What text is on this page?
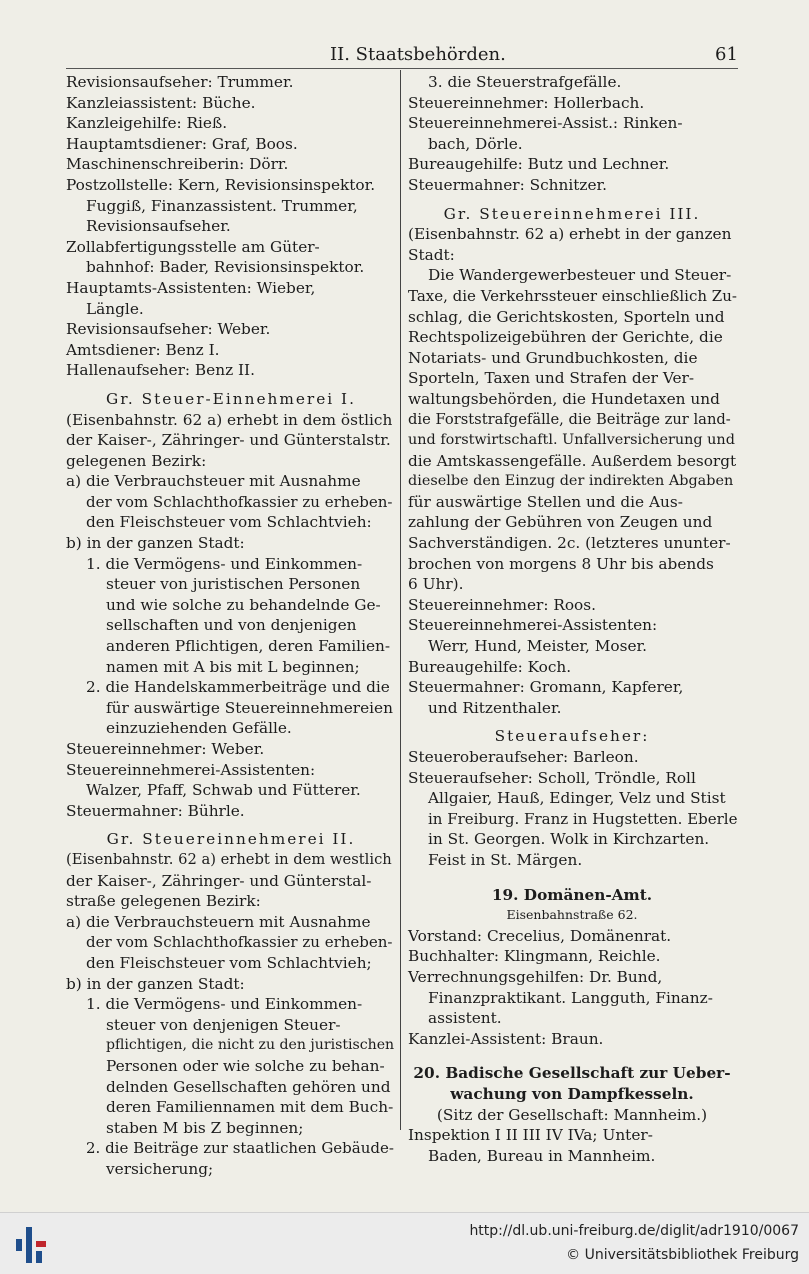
II. Staatsbehörden.	61
Revisionsaufseher: Trummer.
Kanzleiassistent: Büche.
Kanzleigehilfe: Rieß.
Hauptamtsdiener: Graf, Boos.
Maschinenschreiberin: Dörr.
Postzollstelle: Kern, Revisionsinspektor.
Fuggiß, Finanzassistent. Trummer,
Revisionsaufseher.
Zollabfertigungsstelle am Güter-
bahnhof: Bader, Revisionsinspektor.
Hauptamts-Assistenten: Wieber,
Längle.
Revisionsaufseher: Weber.
Amtsdiener: Benz I.
Hallenaufseher: Benz II.
Gr. Steuer-Einnehmerei I.
(Eisenbahnstr. 62 a) erhebt in dem östlich
der Kaiser-, Zähringer- und Günterstalstr.
gelegenen Bezirk:
a) die Verbrauchsteuer mit Ausnahme
der vom Schlachthofkassier zu erheben-
den Fleischsteuer vom Schlachtvieh:
b) in der ganzen Stadt:
1. die Vermögens- und Einkommen-
steuer von juristischen Personen
und wie solche zu behandelnde Ge-
sellschaften und von denjenigen
anderen Pflichtigen, deren Familien-
namen mit A bis mit L beginnen;
2. die Handelskammerbeiträge und die
für auswärtige Steuereinnehmereien
einzuziehenden Gefälle.
Steuereinnehmer: Weber.
Steuereinnehmerei-Assistenten:
Walzer, Pfaff, Schwab und Fütterer.
Steuermahner: Bührle.
Gr. Steuereinnehmerei II.
(Eisenbahnstr. 62 a) erhebt in dem westlich
der Kaiser-, Zähringer- und Günterstal-
straße gelegenen Bezirk:
a) die Verbrauchsteuern mit Ausnahme
der vom Schlachthofkassier zu erheben-
den Fleischsteuer vom Schlachtvieh;
b) in der ganzen Stadt:
1. die Vermögens- und Einkommen-
steuer von denjenigen Steuer-
pflichtigen, die nicht zu den juristischen
Personen oder wie solche zu behan-
delnden Gesellschaften gehören und
deren Familiennamen mit dem Buch-
staben M bis Z beginnen;
2. die Beiträge zur staatlichen Gebäude-
versicherung;
3. die Steuerstrafgefälle.
Steuereinnehmer: Hollerbach.
Steuereinnehmerei-Assist.: Rinken-
bach, Dörle.
Bureaugehilfe: Butz und Lechner.
Steuermahner: Schnitzer.
Gr. Steuereinnehmerei III.
(Eisenbahnstr. 62 a) erhebt in der ganzen
Stadt:
Die Wandergewerbesteuer und Steuer-
Taxe, die Verkehrssteuer einschließlich Zu-
schlag, die Gerichtskosten, Sporteln und
Rechtspolizeigebühren der Gerichte, die
Notariats- und Grundbuchkosten, die
Sporteln, Taxen und Strafen der Ver-
waltungsbehörden, die Hundetaxen und
die Forststrafgefälle, die Beiträge zur land-
und forstwirtschaftl. Unfallversicherung und
die Amtskassengefälle. Außerdem besorgt
dieselbe den Einzug der indirekten Abgaben
für auswärtige Stellen und die Aus-
zahlung der Gebühren von Zeugen und
Sachverständigen. 2c. (letzteres ununter-
brochen von morgens 8 Uhr bis abends
6 Uhr).
Steuereinnehmer: Roos.
Steuereinnehmerei-Assistenten:
Werr, Hund, Meister, Moser.
Bureaugehilfe: Koch.
Steuermahner: Gromann, Kapferer,
und Ritzenthaler.
Steueraufseher:
Steueroberaufseher: Barleon.
Steueraufseher: Scholl, Tröndle, Roll
Allgaier, Hauß, Edinger, Velz und Stist
in Freiburg. Franz in Hugstetten. Eberle
in St. Georgen. Wolk in Kirchzarten.
Feist in St. Märgen.
19. Domänen-Amt.
Eisenbahnstraße 62.
Vorstand: Crecelius, Domänenrat.
Buchhalter: Klingmann, Reichle.
Verrechnungsgehilfen: Dr. Bund,
Finanzpraktikant. Langguth, Finanz-
assistent.
Kanzlei-Assistent: Braun.
20. Badische Gesellschaft zur Ueber-
wachung von Dampfkesseln.
(Sitz der Gesellschaft: Mannheim.)
Inspektion I II III IV IVa; Unter-
Baden, Bureau in Mannheim.
http://dl.ub.uni-freiburg.de/diglit/adr1910/0067
© Universitätsbibliothek Freiburg
